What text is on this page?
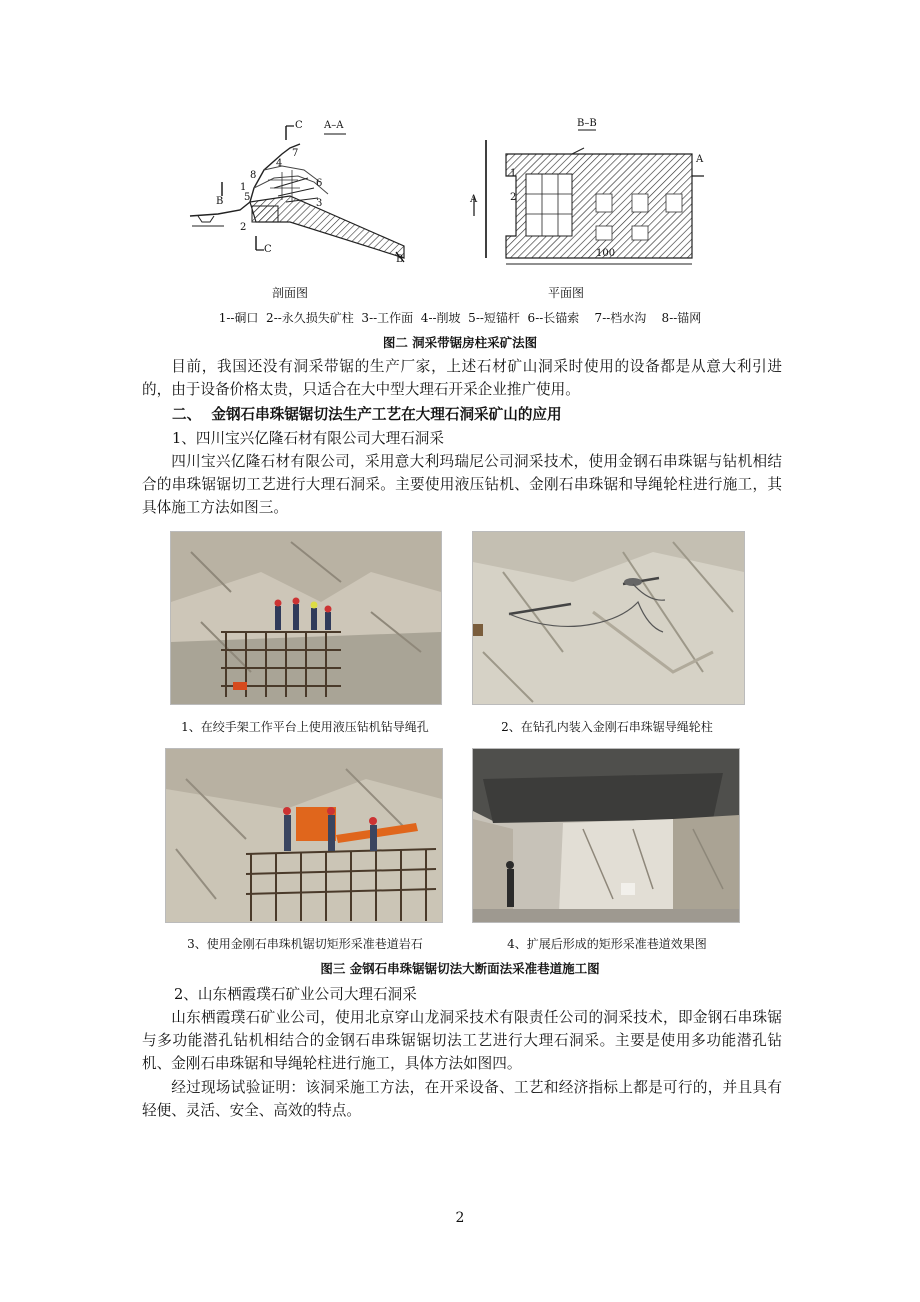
A–A
C
B
7
8
6
1
5
3
2
C
B
4
B–B
A
A
1
2
100
剖面图	平面图
1--硐口  2--永久损失矿柱  3--工作面  4--削坡  5--短锚杆  6--长锚索    7--档水沟    8--锚网
图二 洞采带锯房柱采矿法图
目前，我国还没有洞采带锯的生产厂家，上述石材矿山洞采时使用的设备都是从意大利引进的，由于设备价格太贵，只适合在大中型大理石开采企业推广使用。
二、  金钢石串珠锯锯切法生产工艺在大理石洞采矿山的应用
1、四川宝兴亿隆石材有限公司大理石洞采
四川宝兴亿隆石材有限公司，采用意大利玛瑞尼公司洞采技术，使用金钢石串珠锯与钻机相结合的串珠锯锯切工艺进行大理石洞采。主要使用液压钻机、金刚石串珠锯和导绳轮柱进行施工，其具体施工方法如图三。
1、在绞手架工作平台上使用液压钻机钻导绳孔	2、在钻孔内装入金刚石串珠锯导绳轮柱
3、使用金刚石串珠机锯切矩形采准巷道岩石	4、扩展后形成的矩形采准巷道效果图
图三 金钢石串珠锯锯切法大断面法采准巷道施工图
2、山东栖霞璞石矿业公司大理石洞采
山东栖霞璞石矿业公司，使用北京穿山龙洞采技术有限责任公司的洞采技术，即金钢石串珠锯与多功能潜孔钻机相结合的金钢石串珠锯锯切法工艺进行大理石洞采。主要是使用多功能潜孔钻机、金刚石串珠锯和导绳轮柱进行施工，具体方法如图四。
经过现场试验证明：该洞采施工方法，在开采设备、工艺和经济指标上都是可行的，并且具有轻便、灵活、安全、高效的特点。
2
